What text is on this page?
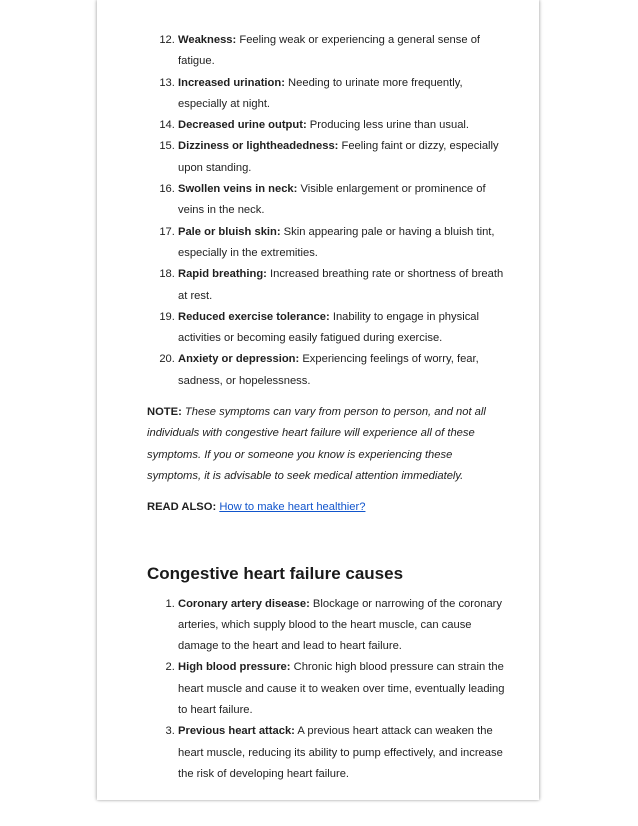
12. Weakness: Feeling weak or experiencing a general sense of fatigue.
13. Increased urination: Needing to urinate more frequently, especially at night.
14. Decreased urine output: Producing less urine than usual.
15. Dizziness or lightheadedness: Feeling faint or dizzy, especially upon standing.
16. Swollen veins in neck: Visible enlargement or prominence of veins in the neck.
17. Pale or bluish skin: Skin appearing pale or having a bluish tint, especially in the extremities.
18. Rapid breathing: Increased breathing rate or shortness of breath at rest.
19. Reduced exercise tolerance: Inability to engage in physical activities or becoming easily fatigued during exercise.
20. Anxiety or depression: Experiencing feelings of worry, fear, sadness, or hopelessness.

NOTE: These symptoms can vary from person to person, and not all individuals with congestive heart failure will experience all of these symptoms. If you or someone you know is experiencing these symptoms, it is advisable to seek medical attention immediately.

READ ALSO: How to make heart healthier?

Congestive heart failure causes
1. Coronary artery disease: Blockage or narrowing of the coronary arteries, which supply blood to the heart muscle, can cause damage to the heart and lead to heart failure.
2. High blood pressure: Chronic high blood pressure can strain the heart muscle and cause it to weaken over time, eventually leading to heart failure.
3. Previous heart attack: A previous heart attack can weaken the heart muscle, reducing its ability to pump effectively, and increase the risk of developing heart failure.
